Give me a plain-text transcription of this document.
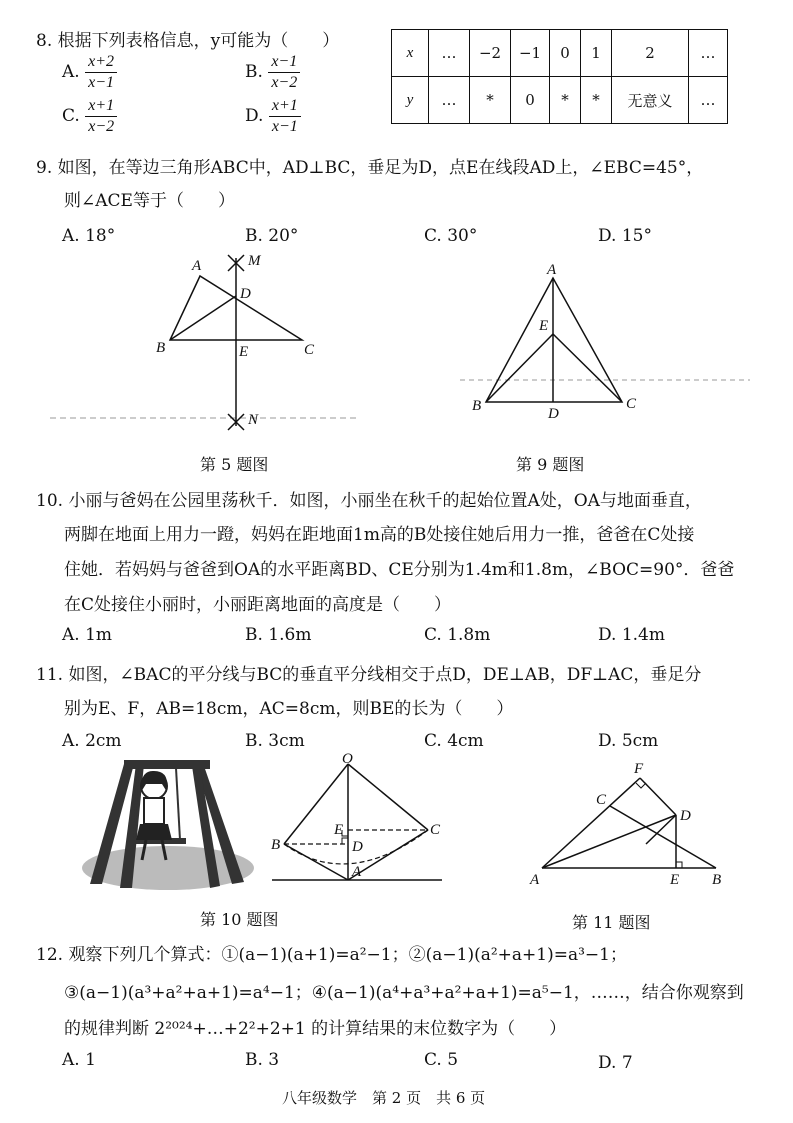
8. 根据下列表格信息，y可能为（　　）
A. $\frac{x+2}{x-1}$	B. $\frac{x-1}{x-2}$
C. $\frac{x+1}{x-2}$	D. $\frac{x+1}{x-1}$
x	…	−2	−1	0	1	2	…
y	…	*	0	*	*	无意义	…
9. 如图，在等边三角形ABC中，AD⊥BC，垂足为D，点E在线段AD上，∠EBC=45°，
则∠ACE等于（　　）
A. 18°	B. 20°	C. 30°	D. 15°
A	M
D
B	E	C
N
第 5 题图
A
E
B	D
C
第 9 题图
10. 小丽与爸妈在公园里荡秋千．如图，小丽坐在秋千的起始位置A处，OA与地面垂直，
两脚在地面上用力一蹬，妈妈在距地面1m高的B处接住她后用力一推，爸爸在C处接
住她．若妈妈与爸爸到OA的水平距离BD、CE分别为1.4m和1.8m，∠BOC=90°．爸爸
在C处接住小丽时，小丽距离地面的高度是（　　）
A. 1m	B. 1.6m	C. 1.8m	D. 1.4m
11. 如图，∠BAC的平分线与BC的垂直平分线相交于点D，DE⊥AB，DF⊥AC，垂足分
别为E、F，AB=18cm，AC=8cm，则BE的长为（　　）
A. 2cm	B. 3cm	C. 4cm	D. 5cm
O
E	C
B	D
A
第 10 题图
F
C
D
A	E B
第 11 题图
12. 观察下列几个算式：①(a−1)(a+1)=a²−1；②(a−1)(a²+a+1)=a³−1；
③(a−1)(a³+a²+a+1)=a⁴−1；④(a−1)(a⁴+a³+a²+a+1)=a⁵−1，……，结合你观察到
的规律判断 2²⁰²⁴+…+2²+2+1 的计算结果的末位数字为（　　）
A. 1	B. 3	C. 5	D. 7
八年级数学　第 2 页　共 6 页
